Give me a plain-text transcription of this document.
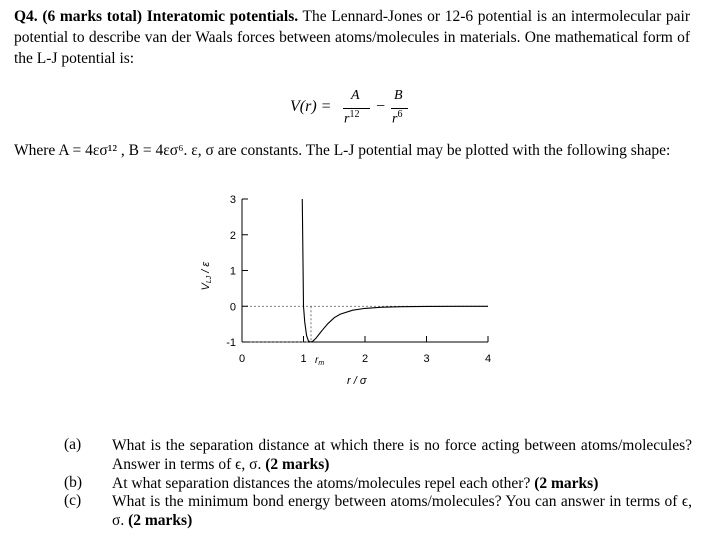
Q4. (6 marks total) Interatomic potentials. The Lennard-Jones or 12-6 potential is an intermolecular pair potential to describe van der Waals forces between atoms/molecules in materials. One mathematical form of the L-J potential is:
V(r) =
A
$r^{12}$ −
B
$r^6$
Where A = 4εσ¹² , B = 4εσ⁶. ε, σ are constants. The L-J potential may be plotted with the following shape:
3
2
1
0
-1
0	1	2	3	4
$r_m$
r / σ
VLJ / ε
(a)	What is the separation distance at which there is no force acting between atoms/molecules? Answer in terms of ϵ, σ. (2 marks)
(b)	At what separation distances the atoms/molecules repel each other? (2 marks)
(c)	What is the minimum bond energy between atoms/molecules? You can answer in terms of ϵ, σ. (2 marks)
